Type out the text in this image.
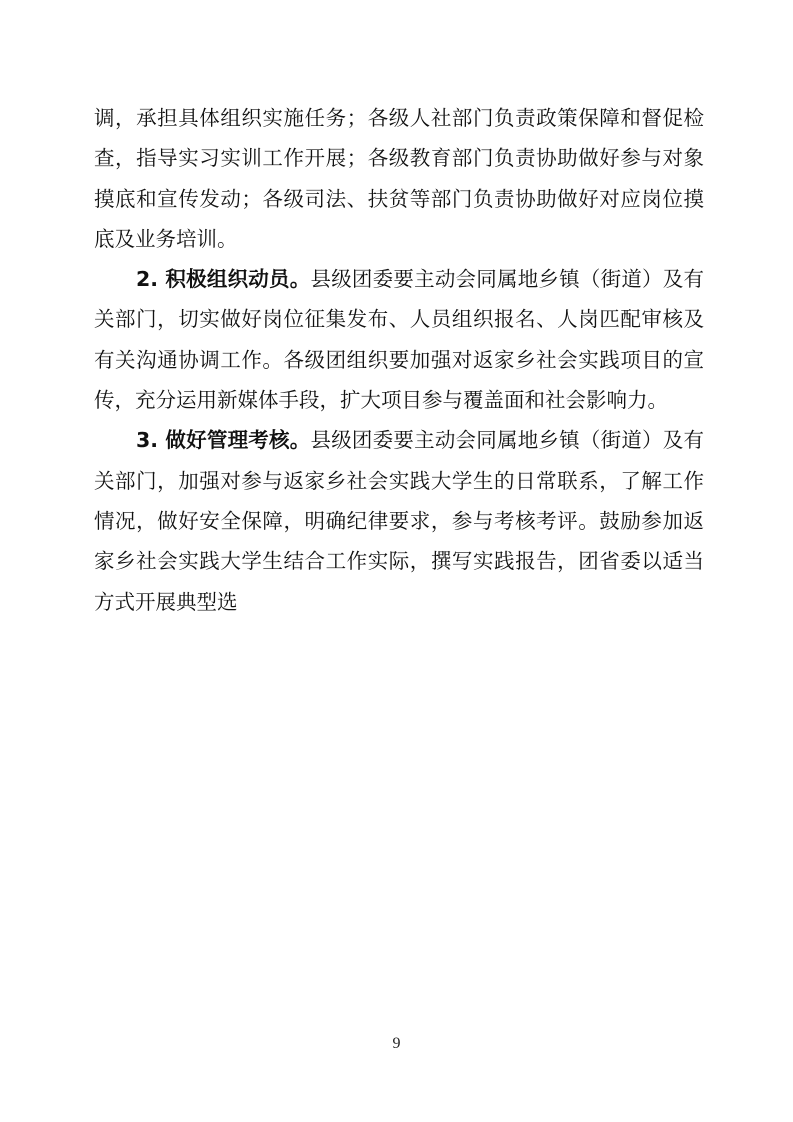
调，承担具体组织实施任务；各级人社部门负责政策保障和督促检查，指导实习实训工作开展；各级教育部门负责协助做好参与对象摸底和宣传发动；各级司法、扶贫等部门负责协助做好对应岗位摸底及业务培训。

2. 积极组织动员。县级团委要主动会同属地乡镇（街道）及有关部门，切实做好岗位征集发布、人员组织报名、人岗匹配审核及有关沟通协调工作。各级团组织要加强对返家乡社会实践项目的宣传，充分运用新媒体手段，扩大项目参与覆盖面和社会影响力。

3. 做好管理考核。县级团委要主动会同属地乡镇（街道）及有关部门，加强对参与返家乡社会实践大学生的日常联系，了解工作情况，做好安全保障，明确纪律要求，参与考核考评。鼓励参加返家乡社会实践大学生结合工作实际，撰写实践报告，团省委以适当方式开展典型选

9
